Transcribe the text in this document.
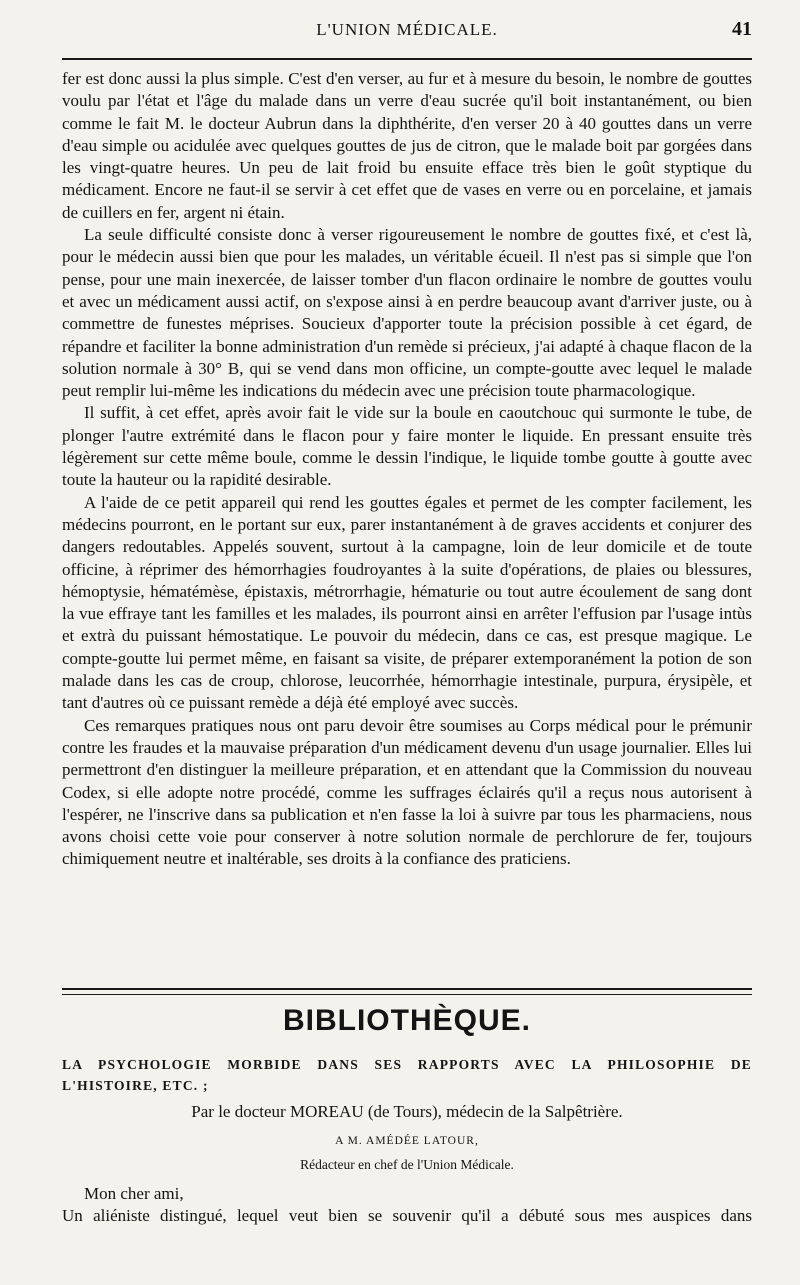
L'UNION MÉDICALE.	41

fer est donc aussi la plus simple. C'est d'en verser, au fur et à mesure du besoin, le nombre de gouttes voulu par l'état et l'âge du malade dans un verre d'eau sucrée qu'il boit instantanément, ou bien comme le fait M. le docteur Aubrun dans la diphthérite, d'en verser 20 à 40 gouttes dans un verre d'eau simple ou acidulée avec quelques gouttes de jus de citron, que le malade boit par gorgées dans les vingt-quatre heures. Un peu de lait froid bu ensuite efface très bien le goût styptique du médicament. Encore ne faut-il se servir à cet effet que de vases en verre ou en porcelaine, et jamais de cuillers en fer, argent ni étain.

La seule difficulté consiste donc à verser rigoureusement le nombre de gouttes fixé, et c'est là, pour le médecin aussi bien que pour les malades, un véritable écueil. Il n'est pas si simple que l'on pense, pour une main inexercée, de laisser tomber d'un flacon ordinaire le nombre de gouttes voulu et avec un médicament aussi actif, on s'expose ainsi à en perdre beaucoup avant d'arriver juste, ou à commettre de funestes méprises. Soucieux d'apporter toute la précision possible à cet égard, de répandre et faciliter la bonne administration d'un remède si précieux, j'ai adapté à chaque flacon de la solution normale à 30° B, qui se vend dans mon officine, un compte-goutte avec lequel le malade peut remplir lui-même les indications du médecin avec une précision toute pharmacologique.

Il suffit, à cet effet, après avoir fait le vide sur la boule en caoutchouc qui surmonte le tube, de plonger l'autre extrémité dans le flacon pour y faire monter le liquide. En pressant ensuite très légèrement sur cette même boule, comme le dessin l'indique, le liquide tombe goutte à goutte avec toute la hauteur ou la rapidité desirable.

A l'aide de ce petit appareil qui rend les gouttes égales et permet de les compter facilement, les médecins pourront, en le portant sur eux, parer instantanément à de graves accidents et conjurer des dangers redoutables. Appelés souvent, surtout à la campagne, loin de leur domicile et de toute officine, à réprimer des hémorrhagies foudroyantes à la suite d'opérations, de plaies ou blessures, hémoptysie, hématémèse, épistaxis, métrorrhagie, hématurie ou tout autre écoulement de sang dont la vue effraye tant les familles et les malades, ils pourront ainsi en arrêter l'effusion par l'usage intùs et extrà du puissant hémostatique. Le pouvoir du médecin, dans ce cas, est presque magique. Le compte-goutte lui permet même, en faisant sa visite, de préparer extemporanément la potion de son malade dans les cas de croup, chlorose, leucorrhée, hémorrhagie intestinale, purpura, érysipèle, et tant d'autres où ce puissant remède a déjà été employé avec succès.

Ces remarques pratiques nous ont paru devoir être soumises au Corps médical pour le prémunir contre les fraudes et la mauvaise préparation d'un médicament devenu d'un usage journalier. Elles lui permettront d'en distinguer la meilleure préparation, et en attendant que la Commission du nouveau Codex, si elle adopte notre procédé, comme les suffrages éclairés qu'il a reçus nous autorisent à l'espérer, ne l'inscrive dans sa publication et n'en fasse la loi à suivre par tous les pharmaciens, nous avons choisi cette voie pour conserver à notre solution normale de perchlorure de fer, toujours chimiquement neutre et inaltérable, ses droits à la confiance des praticiens.

BIBLIOTHÈQUE.
LA PSYCHOLOGIE MORBIDE DANS SES RAPPORTS AVEC LA PHILOSOPHIE DE L'HISTOIRE, ETC. ;
Par le docteur MOREAU (de Tours), médecin de la Salpêtrière.
A M. AMÉDÉE LATOUR,
Rédacteur en chef de l'Union Médicale.

Mon cher ami,

Un aliéniste distingué, lequel veut bien se souvenir qu'il a débuté sous mes auspices dans
